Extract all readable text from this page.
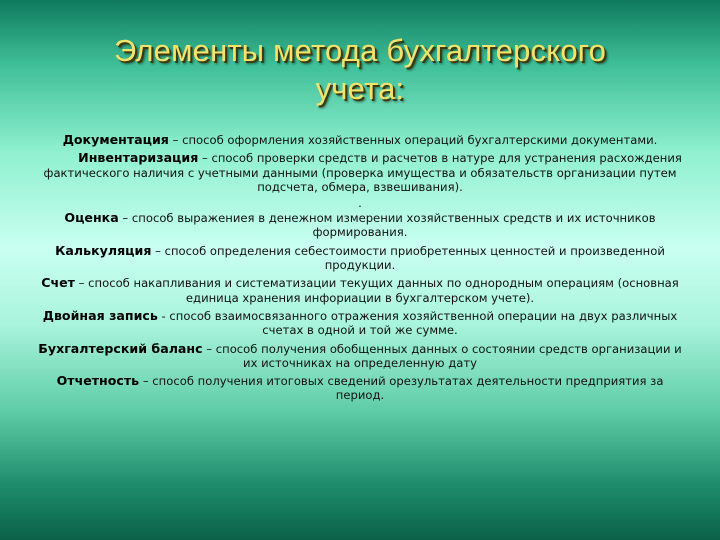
Элементы метода бухгалтерского
учета:

Документация – способ оформления хозяйственных операций бухгалтерскими документами.

Инвентаризация – способ проверки средств и расчетов в натуре для устранения расхождения фактического наличия с учетными данными (проверка имущества и обязательств организации путем подсчета, обмера, взвешивания).

.

Оценка – способ выражениея в денежном измерении хозяйственных средств и их источников формирования.

Калькуляция – способ определения себестоимости приобретенных ценностей и произведенной продукции.

Счет – способ накапливания и систематизации текущих данных по однородным операциям (основная единица хранения инфориации в бухгалтерском учете).

Двойная запись - способ взаимосвязанного отражения хозяйственной операции на двух различных счетах в одной и той же сумме.

Бухгалтерский баланс – способ получения обобщенных данных о состоянии средств организации и их источниках на определенную дату

Отчетность – способ получения итоговых сведений орезультатах деятельности предприятия за период.
